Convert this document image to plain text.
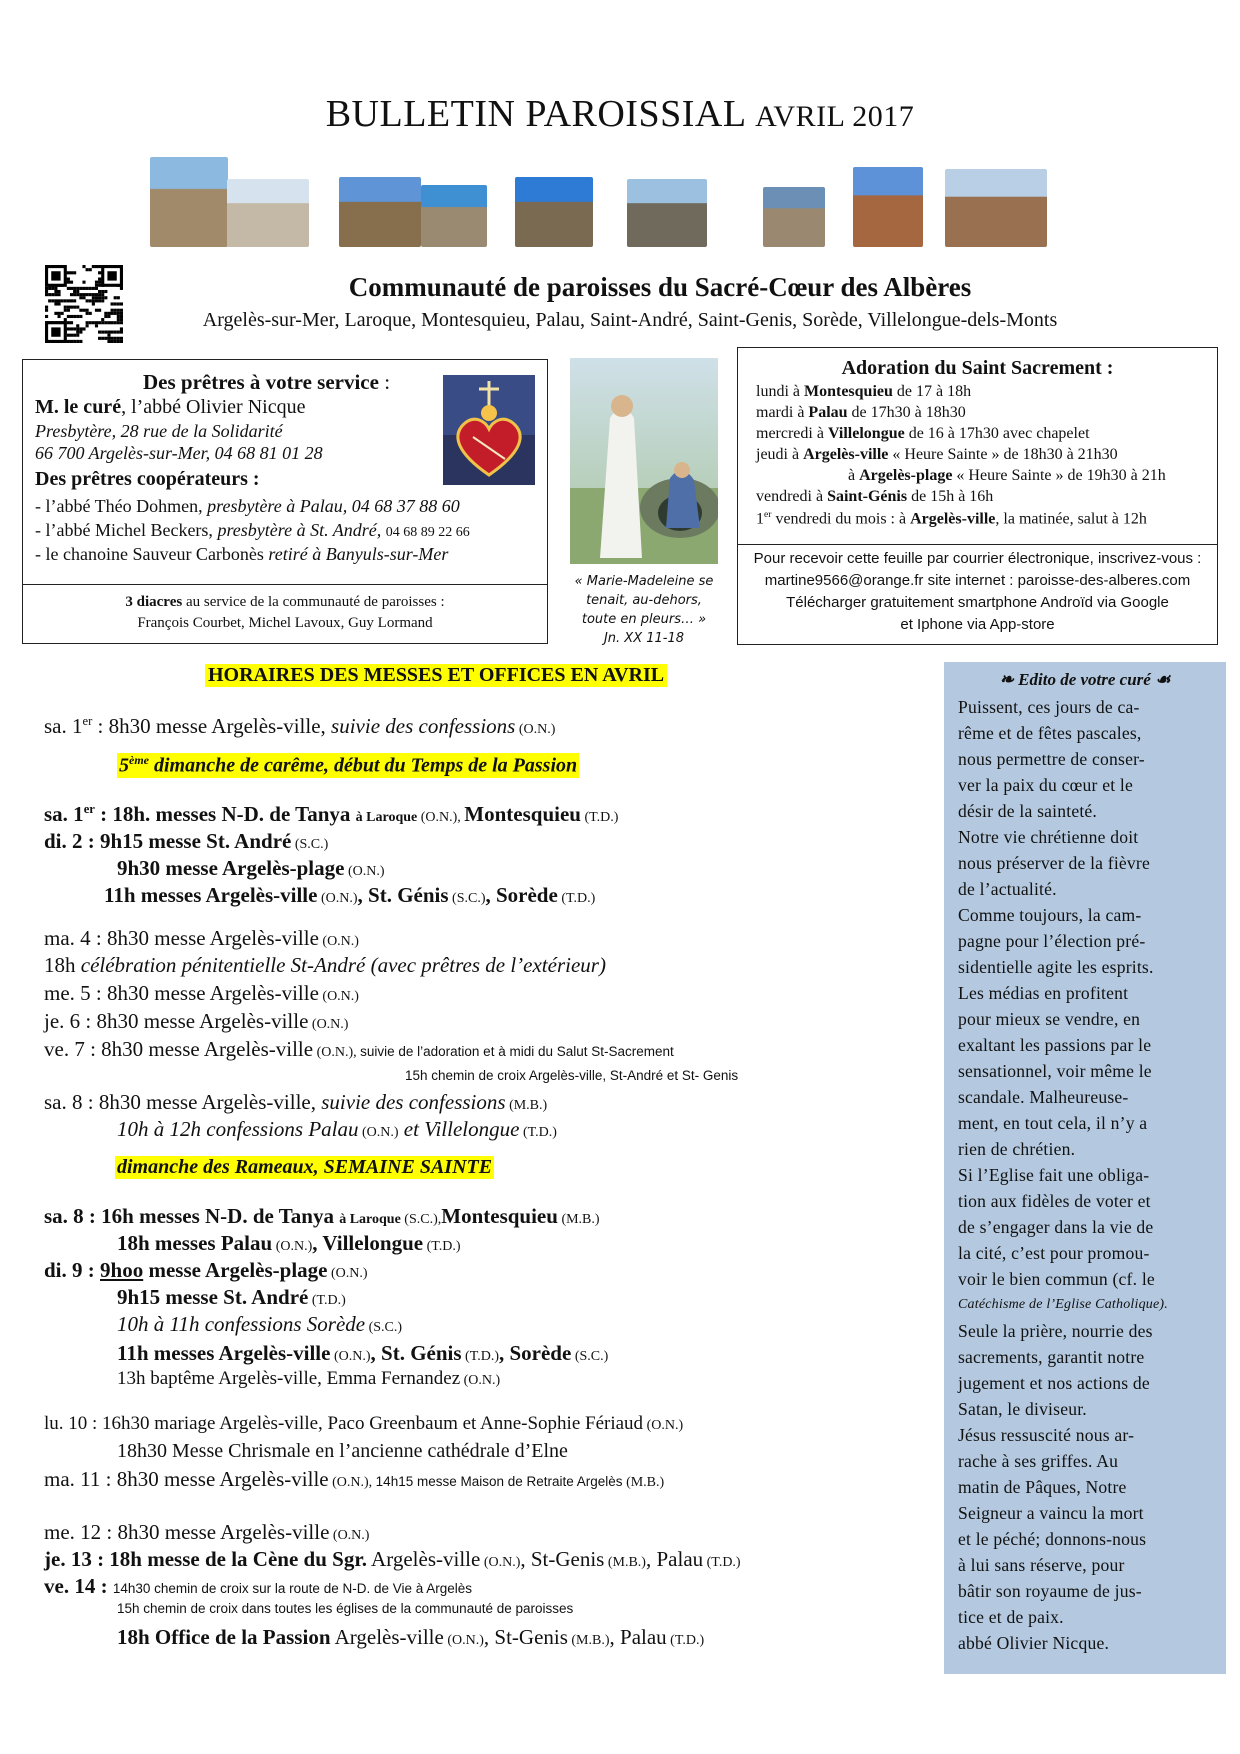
BULLETIN PAROISSIAL AVRIL 2017
Communauté de paroisses du Sacré-Cœur des Albères
Argelès-sur-Mer, Laroque, Montesquieu, Palau, Saint-André, Saint-Genis, Sorède, Villelongue-dels-Monts
Des prêtres à votre service :
M. le curé, l’abbé Olivier Nicque
Presbytère, 28 rue de la Solidarité
66 700 Argelès-sur-Mer, 04 68 81 01 28
Des prêtres coopérateurs :
- l’abbé Théo Dohmen, presbytère à Palau, 04 68 37 88 60
- l’abbé Michel Beckers, presbytère à St. André, 04 68 89 22 66
- le chanoine Sauveur Carbonès retiré à Banyuls-sur-Mer
3 diacres au service de la communauté de paroisses :
François Courbet, Michel Lavoux, Guy Lormand
« Marie-Madeleine se
tenait, au-dehors,
toute en pleurs… »
Jn. XX 11-18
Adoration du Saint Sacrement :
lundi à Montesquieu de 17 à 18h
mardi à Palau de 17h30 à 18h30
mercredi à Villelongue de 16 à 17h30 avec chapelet
jeudi à Argelès-ville « Heure Sainte » de 18h30 à 21h30
à Argelès-plage « Heure Sainte » de 19h30 à 21h
vendredi à Saint-Génis de 15h à 16h
1er vendredi du mois : à Argelès-ville, la matinée, salut à 12h
Pour recevoir cette feuille par courrier électronique, inscrivez-vous :
martine9566@orange.fr site internet : paroisse-des-alberes.com
Télécharger gratuitement smartphone Androïd via Google
et Iphone via App-store
HORAIRES DES MESSES ET OFFICES EN AVRIL
sa. 1er : 8h30 messe Argelès-ville, suivie des confessions (O.N.)
5ème dimanche de carême, début du Temps de la Passion
sa. 1er : 18h. messes N-D. de Tanya à Laroque (O.N.), Montesquieu (T.D.)
di. 2 : 9h15 messe St. André (S.C.)
9h30 messe Argelès-plage (O.N.)
11h messes Argelès-ville (O.N.), St. Génis (S.C.), Sorède (T.D.)
ma. 4 : 8h30 messe Argelès-ville (O.N.)
18h célébration pénitentielle St-André (avec prêtres de l’extérieur)
me. 5 : 8h30 messe Argelès-ville (O.N.)
je. 6 : 8h30 messe Argelès-ville (O.N.)
ve. 7 : 8h30 messe Argelès-ville (O.N.), suivie de l’adoration et à midi du Salut St-Sacrement
15h chemin de croix Argelès-ville, St-André et St- Genis
sa. 8 : 8h30 messe Argelès-ville, suivie des confessions (M.B.)
10h à 12h confessions Palau (O.N.) et Villelongue (T.D.)
dimanche des Rameaux, SEMAINE SAINTE
sa. 8 : 16h messes N-D. de Tanya à Laroque (S.C.),Montesquieu (M.B.)
18h messes Palau (O.N.), Villelongue (T.D.)
di. 9 : 9hoo messe Argelès-plage (O.N.)
9h15 messe St. André (T.D.)
10h à 11h confessions Sorède (S.C.)
11h messes Argelès-ville (O.N.), St. Génis (T.D.), Sorède (S.C.)
13h baptême Argelès-ville, Emma Fernandez (O.N.)
lu. 10 : 16h30 mariage Argelès-ville, Paco Greenbaum et Anne-Sophie Fériaud (O.N.)
18h30 Messe Chrismale en l’ancienne cathédrale d’Elne
ma. 11 : 8h30 messe Argelès-ville (O.N.), 14h15 messe Maison de Retraite Argelès (M.B.)
me. 12 : 8h30 messe Argelès-ville (O.N.)
je. 13 : 18h messe de la Cène du Sgr. Argelès-ville (O.N.), St-Genis (M.B.), Palau (T.D.)
ve. 14 : 14h30 chemin de croix sur la route de N-D. de Vie à Argelès
15h chemin de croix dans toutes les églises de la communauté de paroisses
18h Office de la Passion Argelès-ville (O.N.), St-Genis (M.B.), Palau (T.D.)
❧ Edito de votre curé ☙
Puissent, ces jours de ca-
rême et de fêtes pascales,
nous permettre de conser-
ver la paix du cœur et le
désir de la sainteté.
Notre vie chrétienne doit
nous préserver de la fièvre
de l’actualité.
Comme toujours, la cam-
pagne pour l’élection pré-
sidentielle agite les esprits.
Les médias en profitent
pour mieux se vendre, en
exaltant les passions par le
sensationnel, voir même le
scandale. Malheureuse-
ment, en tout cela, il n’y a
rien de chrétien.
Si l’Eglise fait une obliga-
tion aux fidèles de voter et
de s’engager dans la vie de
la cité, c’est pour promou-
voir le bien commun (cf. le
Catéchisme de l’Eglise Catholique).
Seule la prière, nourrie des
sacrements, garantit notre
jugement et nos actions de
Satan, le diviseur.
Jésus ressuscité nous ar-
rache à ses griffes. Au
matin de Pâques, Notre
Seigneur a vaincu la mort
et le péché; donnons-nous
à lui sans réserve, pour
bâtir son royaume de jus-
tice et de paix.
abbé Olivier Nicque.
